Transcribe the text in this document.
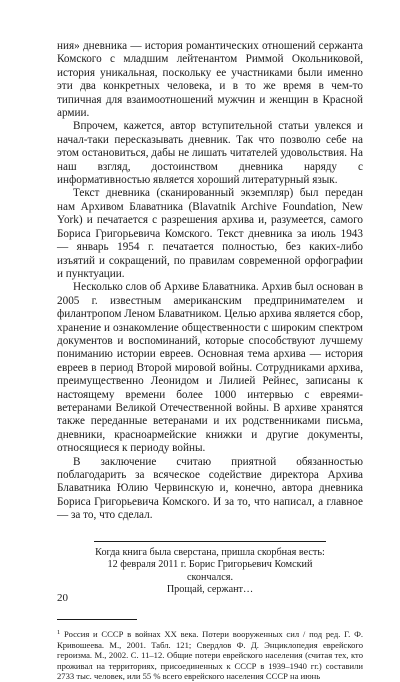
ния» дневника — история романтических отношений сержанта Комского с младшим лейтенантом Риммой Окольниковой, история уникальная, поскольку ее участниками были именно эти два конкретных человека, и в то же время в чем-то типичная для взаимоотношений мужчин и женщин в Красной армии.

Впрочем, кажется, автор вступительной статьи увлекся и начал-таки пересказывать дневник. Так что позволю себе на этом остановиться, дабы не лишать читателей удовольствия. На наш взгляд, достоинством дневника наряду с информативностью является хороший литературный язык.

Текст дневника (сканированный экземпляр) был передан нам Архивом Блаватника (Blavatnik Archive Foundation, New York) и печатается с разрешения архива и, разумеется, самого Бориса Григорьевича Комского. Текст дневника за июль 1943 — январь 1954 г. печатается полностью, без каких-либо изъятий и сокращений, по правилам современной орфографии и пунктуации.

Несколько слов об Архиве Блаватника. Архив был основан в 2005 г. известным американским предпринимателем и филантропом Леном Блаватником. Целью архива является сбор, хранение и ознакомление общественности с широким спектром документов и воспоминаний, которые способствуют лучшему пониманию истории евреев. Основная тема архива — история евреев в период Второй мировой войны. Сотрудниками архива, преимущественно Леонидом и Лилией Рейнес, записаны к настоящему времени более 1000 интервью с евреями-ветеранами Великой Отечественной войны. В архиве хранятся также переданные ветеранами и их родственниками письма, дневники, красноармейские книжки и другие документы, относящиеся к периоду войны.

В заключение считаю приятной обязанностью поблагодарить за всяческое содействие директора Архива Блаватника Юлию Червинскую и, конечно, автора дневника Бориса Григорьевича Комского. И за то, что написал, а главное — за то, что сделал.

Когда книга была сверстана, пришла скорбная весть:

12 февраля 2011 г. Борис Григорьевич Комский скончался.

Прощай, сержант…

$^1$ Россия и СССР в войнах XX века. Потери вооруженных сил / под ред. Г. Ф. Кривошеева. М., 2001. Табл. 121; Свердлов Ф. Д. Энциклопедия еврейского героизма. М., 2002. С. 11–12. Общие потери еврейского населения (считая тех, кто проживал на территориях, присоединенных к СССР в 1939–1940 гг.) составили 2733 тыс. человек, или 55 % всего еврейского населения СССР на июнь
20
